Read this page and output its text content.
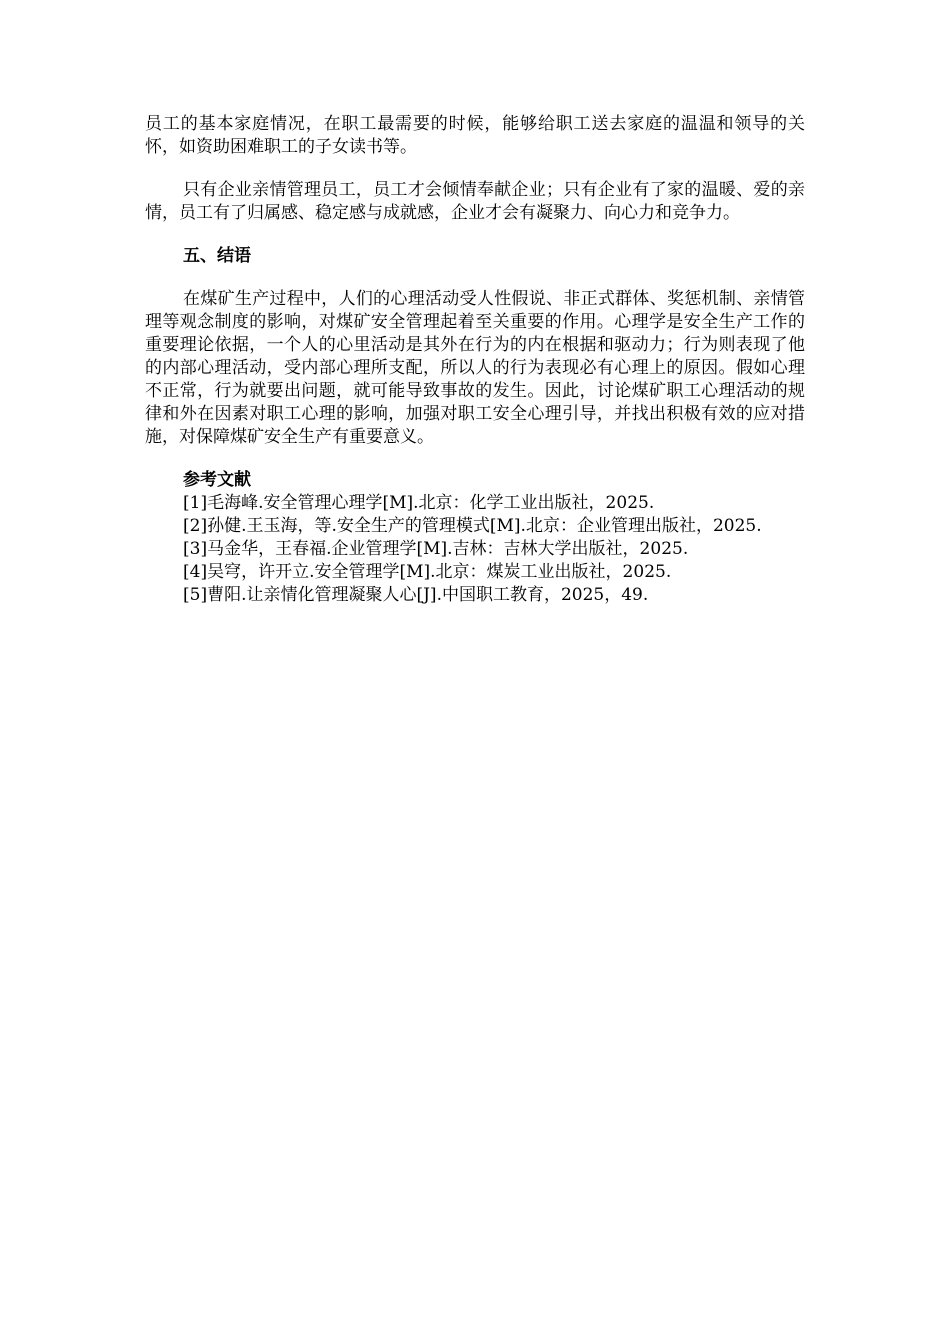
员工的基本家庭情况，在职工最需要的时候，能够给职工送去家庭的温温和领导的关怀，如资助困难职工的子女读书等。

只有企业亲情管理员工，员工才会倾情奉献企业；只有企业有了家的温暖、爱的亲情，员工有了归属感、稳定感与成就感，企业才会有凝聚力、向心力和竞争力。

五、结语

在煤矿生产过程中，人们的心理活动受人性假说、非正式群体、奖惩机制、亲情管理等观念制度的影响，对煤矿安全管理起着至关重要的作用。心理学是安全生产工作的重要理论依据，一个人的心里活动是其外在行为的内在根据和驱动力；行为则表现了他的内部心理活动，受内部心理所支配，所以人的行为表现必有心理上的原因。假如心理不正常，行为就要出问题，就可能导致事故的发生。因此，讨论煤矿职工心理活动的规律和外在因素对职工心理的影响，加强对职工安全心理引导，并找出积极有效的应对措施，对保障煤矿安全生产有重要意义。

参考文献

[1]毛海峰.安全管理心理学[M].北京：化学工业出版社，2025.

[2]孙健.王玉海，等.安全生产的管理模式[M].北京：企业管理出版社，2025.

[3]马金华，王春福.企业管理学[M].吉林：吉林大学出版社，2025.

[4]吴穹，许开立.安全管理学[M].北京：煤炭工业出版社，2025.

[5]曹阳.让亲情化管理凝聚人心[J].中国职工教育，2025，49.
